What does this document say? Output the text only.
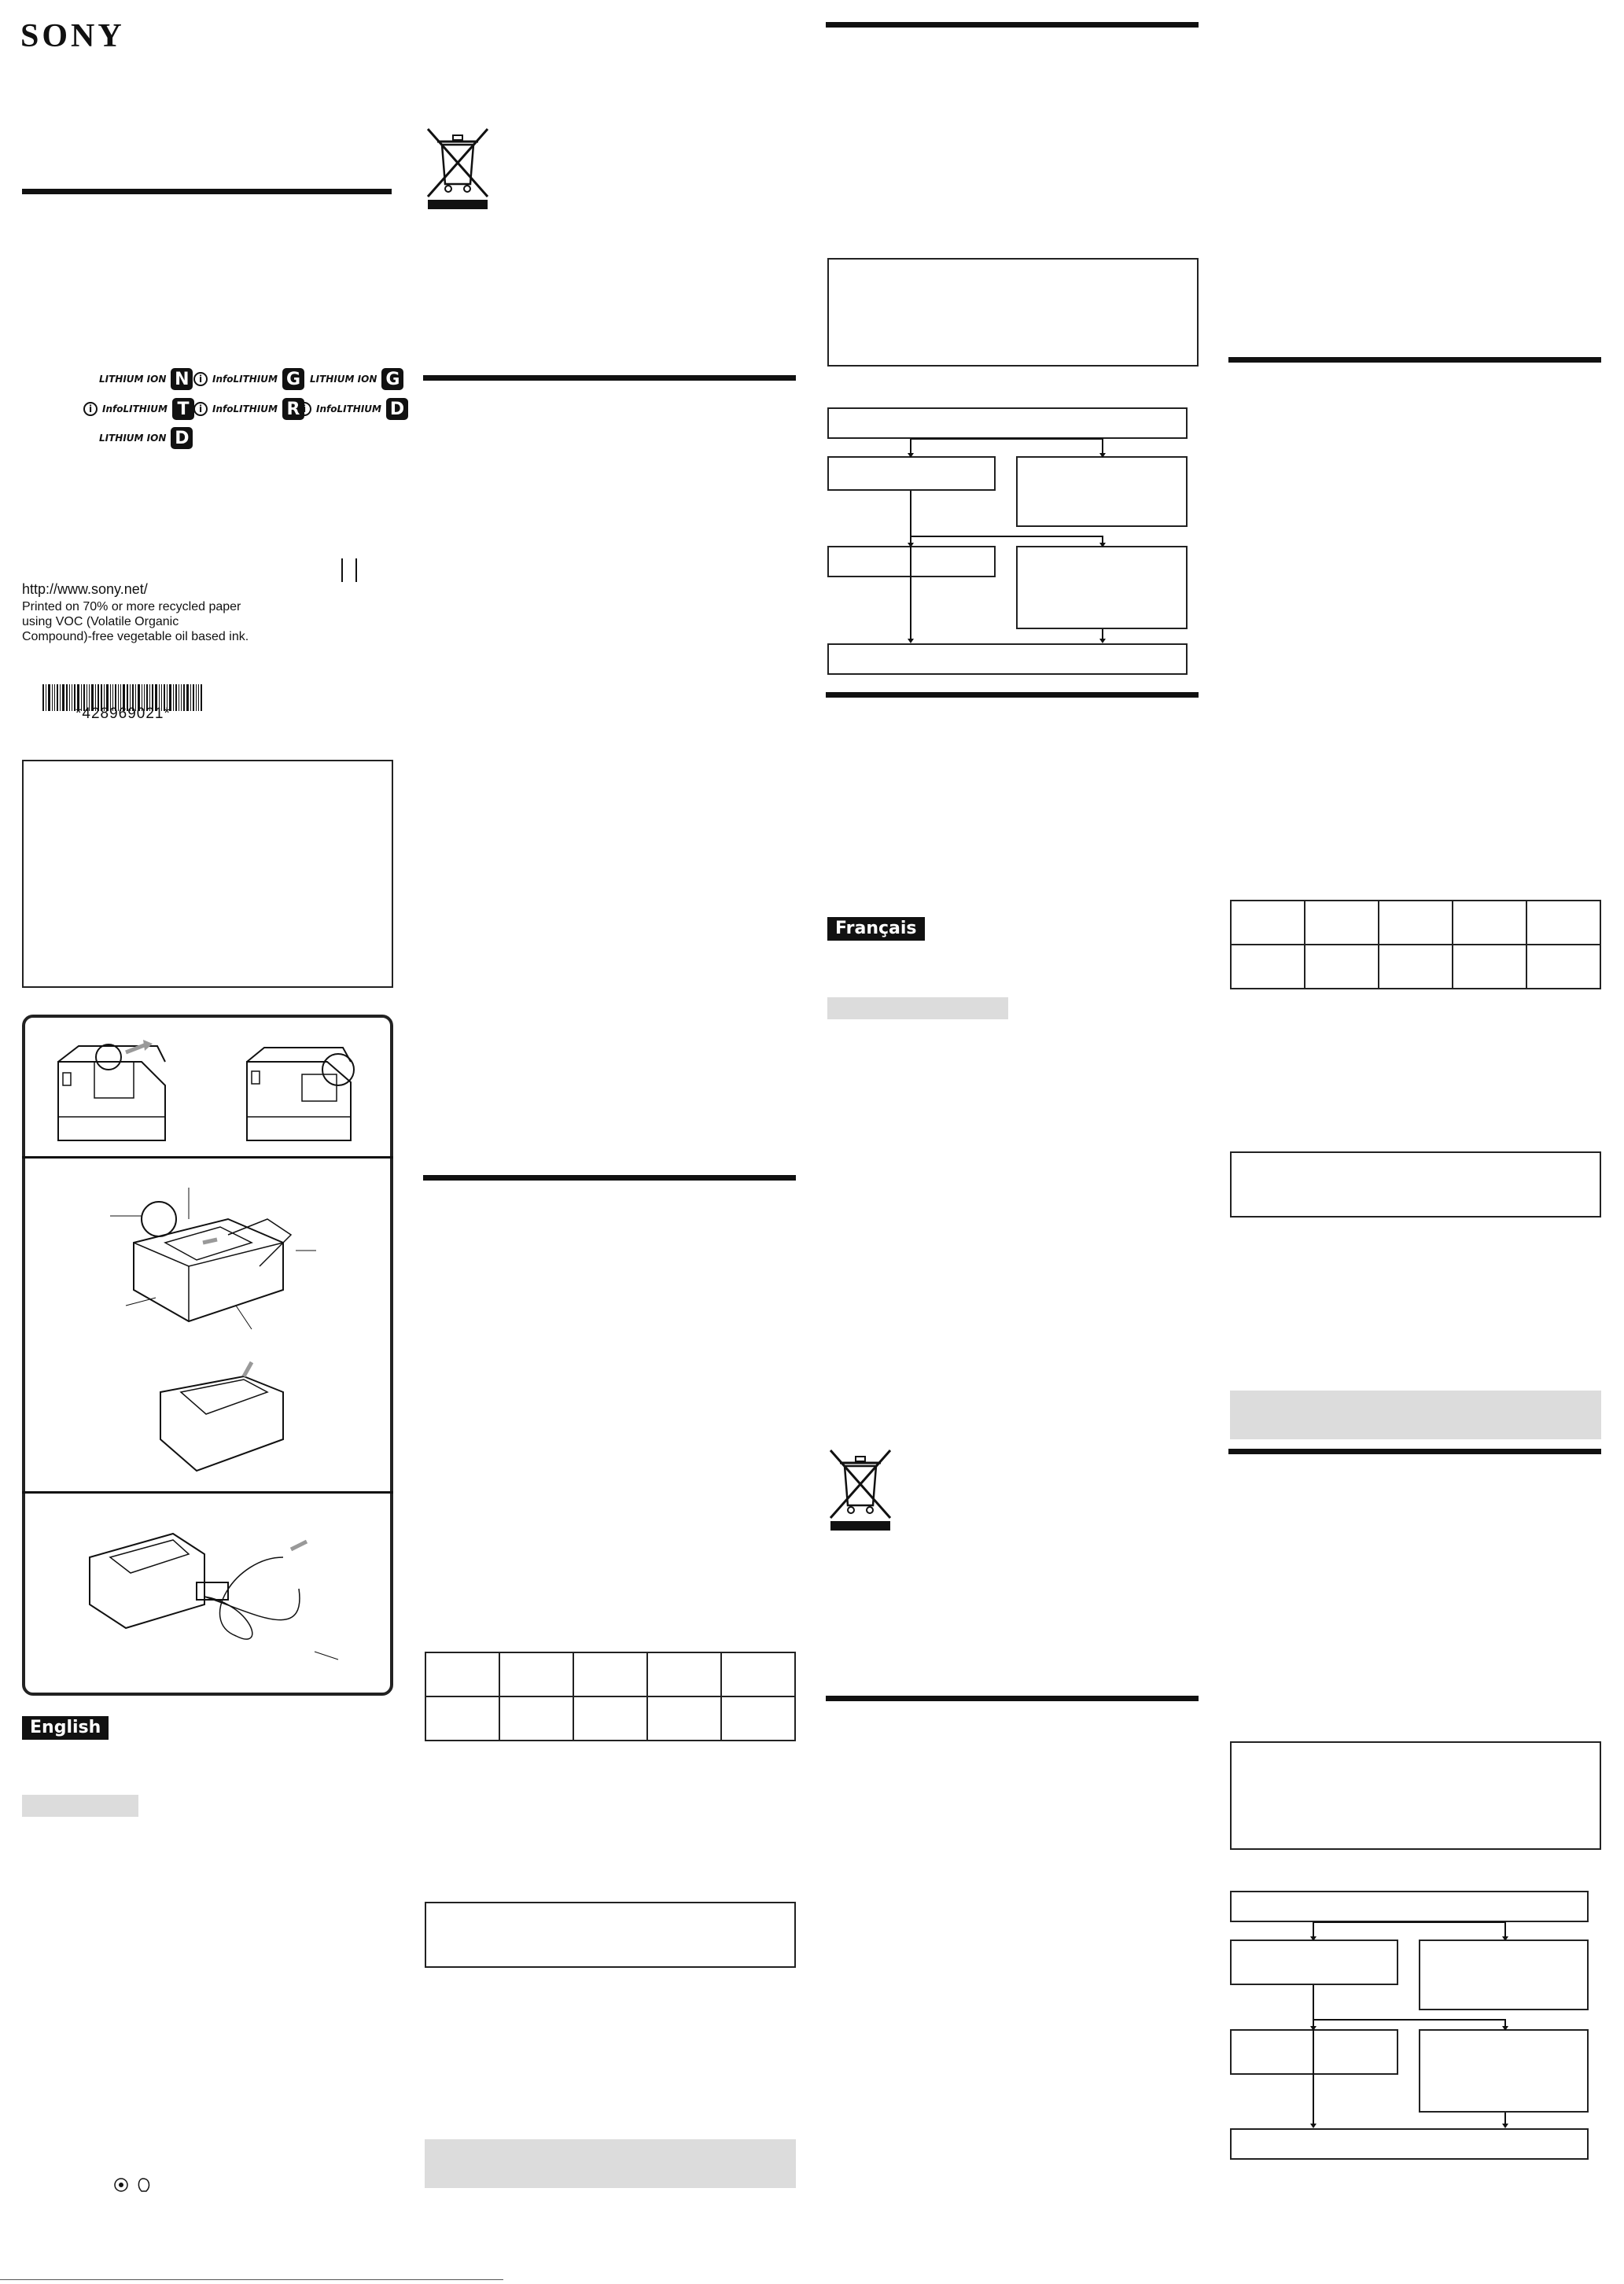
SONY
LITHIUM ION N	i	InfoLITHIUM G	LITHIUM ION G
i	InfoLITHIUM T	i	InfoLITHIUM R i	InfoLITHIUM D
LITHIUM ION D
http://www.sony.net/
Printed on 70% or more recycled paper
using VOC (Volatile Organic
Compound)-free vegetable oil based ink.
*428969021*
English
Français
